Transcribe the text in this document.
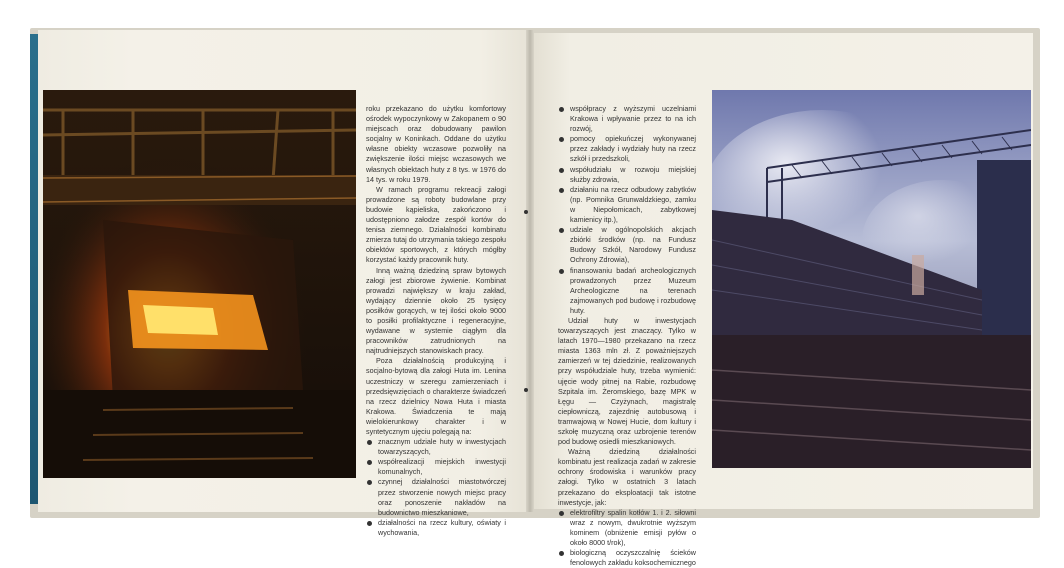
roku przekazano do użytku komfortowy ośrodek wypoczynkowy w Zakopanem o 90 miejscach oraz dobudowany pawilon socjalny w Koninkach. Oddane do użytku własne obiekty wczasowe pozwoliły na zwiększenie ilości miejsc wczasowych we własnych obiektach huty z 8 tys. w 1976 do 14 tys. w roku 1979.

W ramach programu rekreacji załogi prowadzone są roboty budowlane przy budowie kąpieliska, zakończono i udostępniono załodze zespół kortów do tenisa ziemnego. Działalności kombinatu zmierza tutaj do utrzymania takiego zespołu obiektów sportowych, z których mógłby korzystać każdy pracownik huty.

Inną ważną dziedziną spraw bytowych załogi jest zbiorowe żywienie. Kombinat prowadzi największy w kraju zakład, wydający dziennie około 25 tysięcy posiłków gorących, w tej ilości około 9000 to posiłki profilaktyczne i regeneracyjne, wydawane w systemie ciągłym dla pracowników zatrudnionych na najtrudniejszych stanowiskach pracy.

Poza działalnością produkcyjną i socjalno-bytową dla załogi Huta im. Lenina uczestniczy w szeregu zamierzeniach i przedsięwzięciach o charakterze świadczeń na rzecz dzielnicy Nowa Huta i miasta Krakowa. Świadczenia te mają wielokierunkowy charakter i w syntetycznym ujęciu polegają na:

znacznym udziale huty w inwestycjach towarzyszących,
współrealizacji miejskich inwestycji komunalnych,
czynnej działalności miastotwórczej przez stworzenie nowych miejsc pracy oraz ponoszenie nakładów na budownictwo mieszkaniowe,
działalności na rzecz kultury, oświaty i wychowania,
współpracy z wyższymi uczelniami Krakowa i wpływanie przez to na ich rozwój,
pomocy opiekuńczej wykonywanej przez zakłady i wydziały huty na rzecz szkół i przedszkoli,
współudziału w rozwoju miejskiej służby zdrowia,
działaniu na rzecz odbudowy zabytków (np. Pomnika Grunwaldzkiego, zamku w Niepołomicach, zabytkowej kamienicy itp.),
udziale w ogólnopolskich akcjach zbiórki środków (np. na Fundusz Budowy Szkół, Narodowy Fundusz Ochrony Zdrowia),
finansowaniu badań archeologicznych prowadzonych przez Muzeum Archeologiczne na terenach zajmowanych pod budowę i rozbudowę huty.

Udział huty w inwestycjach towarzyszących jest znaczący. Tylko w latach 1970—1980 przekazano na rzecz miasta 1363 mln zł. Z poważniejszych zamierzeń w tej dziedzinie, realizowanych przy współudziale huty, trzeba wymienić: ujęcie wody pitnej na Rabie, rozbudowę Szpitala im. Żeromskiego, bazę MPK w Łęgu — Czyżynach, magistralę ciepłowniczą, zajezdnię autobusową i tramwajową w Nowej Hucie, dom kultury i szkołę muzyczną oraz uzbrojenie terenów pod budowę osiedli mieszkaniowych.

Ważną dziedziną działalności kombinatu jest realizacja zadań w zakresie ochrony środowiska i warunków pracy załogi. Tylko w ostatnich 3 latach przekazano do eksploatacji tak istotne inwestycje, jak:

elektrofiltry spalin kotłów 1. i 2. siłowni wraz z nowym, dwukrotnie wyższym kominem (obniżenie emisji pyłów o około 8000 t/rok),
biologiczną oczyszczalnię ścieków fenolowych zakładu koksochemicznego
